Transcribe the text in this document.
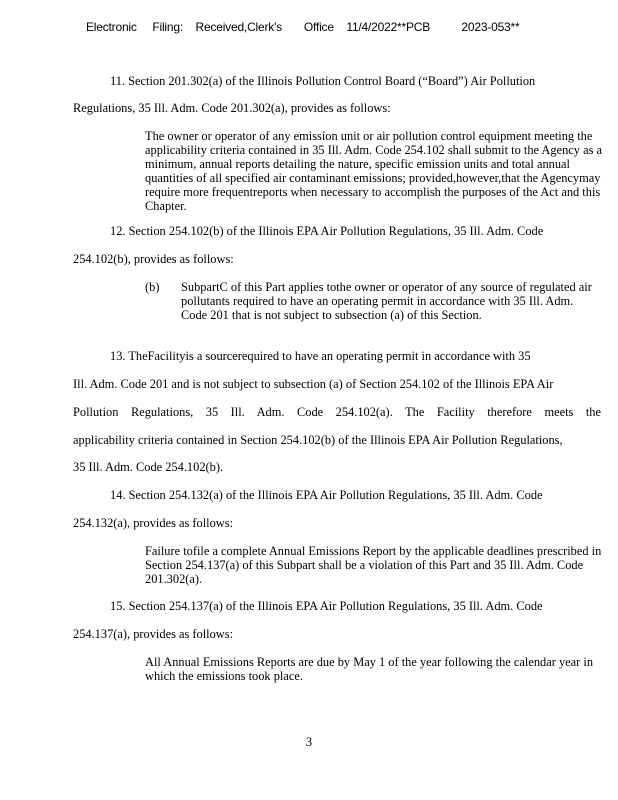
Electronic     Filing:    Received,Clerk's       Office    11/4/2022**PCB          2023-053**
11. Section 201.302(a) of the Illinois Pollution Control Board (“Board”) Air Pollution
Regulations, 35 Ill. Adm. Code 201.302(a), provides as follows:
The owner or operator of any emission unit or air pollution control equipment meeting the applicability criteria contained in 35 Ill. Adm. Code 254.102 shall submit to the Agency as a minimum, annual reports detailing the nature, specific emission units and total annual quantities of all specified air contaminant emissions; provided,however,that the Agencymay require more frequentreports when necessary to accomplish the purposes of the Act and this Chapter.
12. Section 254.102(b) of the Illinois EPA Air Pollution Regulations, 35 Ill. Adm. Code
254.102(b), provides as follows:
(b) SubpartC of this Part applies tothe owner or operator of any source of regulated air pollutants required to have an operating permit in accordance with 35 Ill. Adm. Code 201 that is not subject to subsection (a) of this Section.
13. TheFacilityis a sourcerequired to have an operating permit in accordance with 35
Ill. Adm. Code 201 and is not subject to subsection (a) of Section 254.102 of the Illinois EPA Air
Pollution Regulations, 35 Ill. Adm. Code 254.102(a). The Facility therefore meets the
applicability criteria contained in Section 254.102(b) of the Illinois EPA Air Pollution Regulations,
35 Ill. Adm. Code 254.102(b).
14. Section 254.132(a) of the Illinois EPA Air Pollution Regulations, 35 Ill. Adm. Code
254.132(a), provides as follows:
Failure tofile a complete Annual Emissions Report by the applicable deadlines prescribed in Section 254.137(a) of this Subpart shall be a violation of this Part and 35 Ill. Adm. Code 201.302(a).
15. Section 254.137(a) of the Illinois EPA Air Pollution Regulations, 35 Ill. Adm. Code
254.137(a), provides as follows:
All Annual Emissions Reports are due by May 1 of the year following the calendar year in which the emissions took place.
3
